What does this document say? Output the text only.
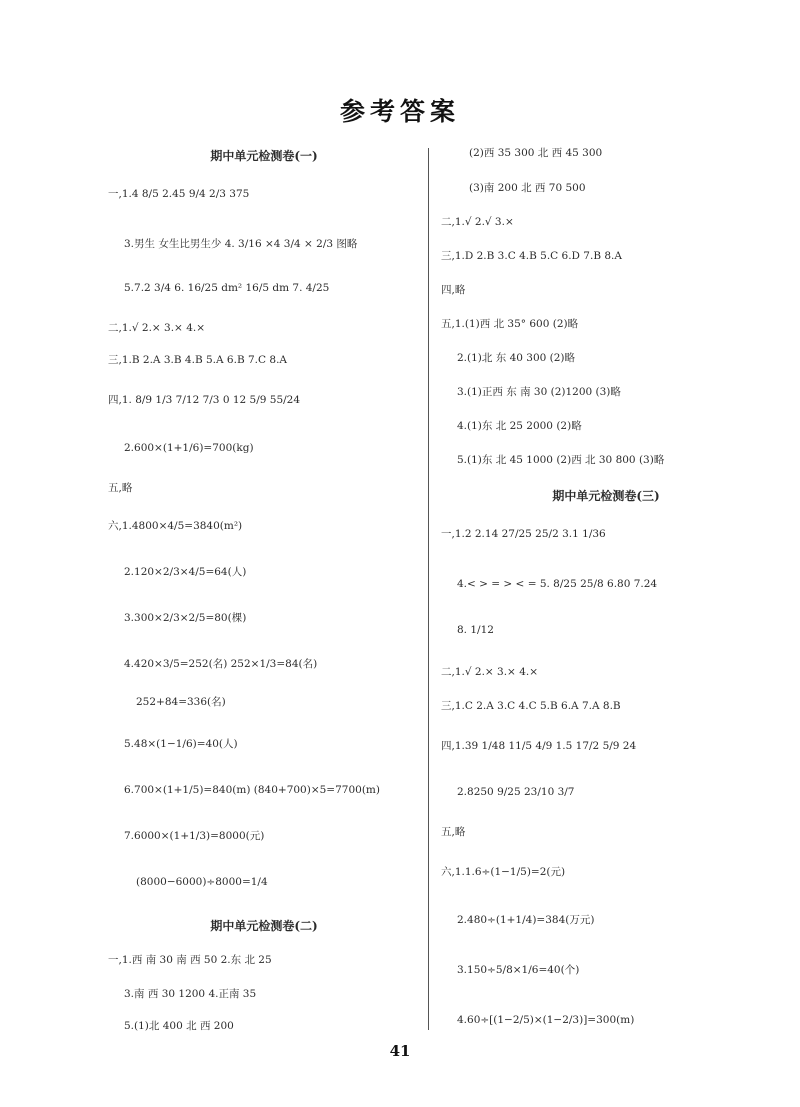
参考答案
期中单元检测卷(一)
一,1.4 8/5 2.45 9/4 2/3 375
3.男生 女生比男生少 4. 3/16 ×4 3/4 × 2/3 图略
5.7.2 3/4 6. 16/25 dm² 16/5 dm 7. 4/25
二,1.√ 2.× 3.× 4.×
三,1.B 2.A 3.B 4.B 5.A 6.B 7.C 8.A
四,1. 8/9 1/3 7/12 7/3 0 12 5/9 55/24
2.600×(1+1/6)=700(kg)
五,略
六,1.4800×4/5=3840(m²)
2.120×2/3×4/5=64(人)
3.300×2/3×2/5=80(棵)
4.420×3/5=252(名) 252×1/3=84(名)
252+84=336(名)
5.48×(1−1/6)=40(人)
6.700×(1+1/5)=840(m) (840+700)×5=7700(m)
7.6000×(1+1/3)=8000(元)
(8000−6000)÷8000=1/4
期中单元检测卷(二)
一,1.西 南 30 南 西 50 2.东 北 25
3.南 西 30 1200 4.正南 35
5.(1)北 400 北 西 200
(2)西 35 300 北 西 45 300
(3)南 200 北 西 70 500
二,1.√ 2.√ 3.×
三,1.D 2.B 3.C 4.B 5.C 6.D 7.B 8.A
四,略
五,1.(1)西 北 35° 600 (2)略
2.(1)北 东 40 300 (2)略
3.(1)正西 东 南 30 (2)1200 (3)略
4.(1)东 北 25 2000 (2)略
5.(1)东 北 45 1000 (2)西 北 30 800 (3)略
期中单元检测卷(三)
一,1.2 2.14 27/25 25/2 3.1 1/36
4.< > = > < = 5. 8/25 25/8 6.80 7.24
8. 1/12
二,1.√ 2.× 3.× 4.×
三,1.C 2.A 3.C 4.C 5.B 6.A 7.A 8.B
四,1.39 1/48 11/5 4/9 1.5 17/2 5/9 24
2.8250 9/25 23/10 3/7
五,略
六,1.1.6÷(1−1/5)=2(元)
2.480÷(1+1/4)=384(万元)
3.150÷5/8×1/6=40(个)
4.60÷[(1−2/5)×(1−2/3)]=300(m)
41
